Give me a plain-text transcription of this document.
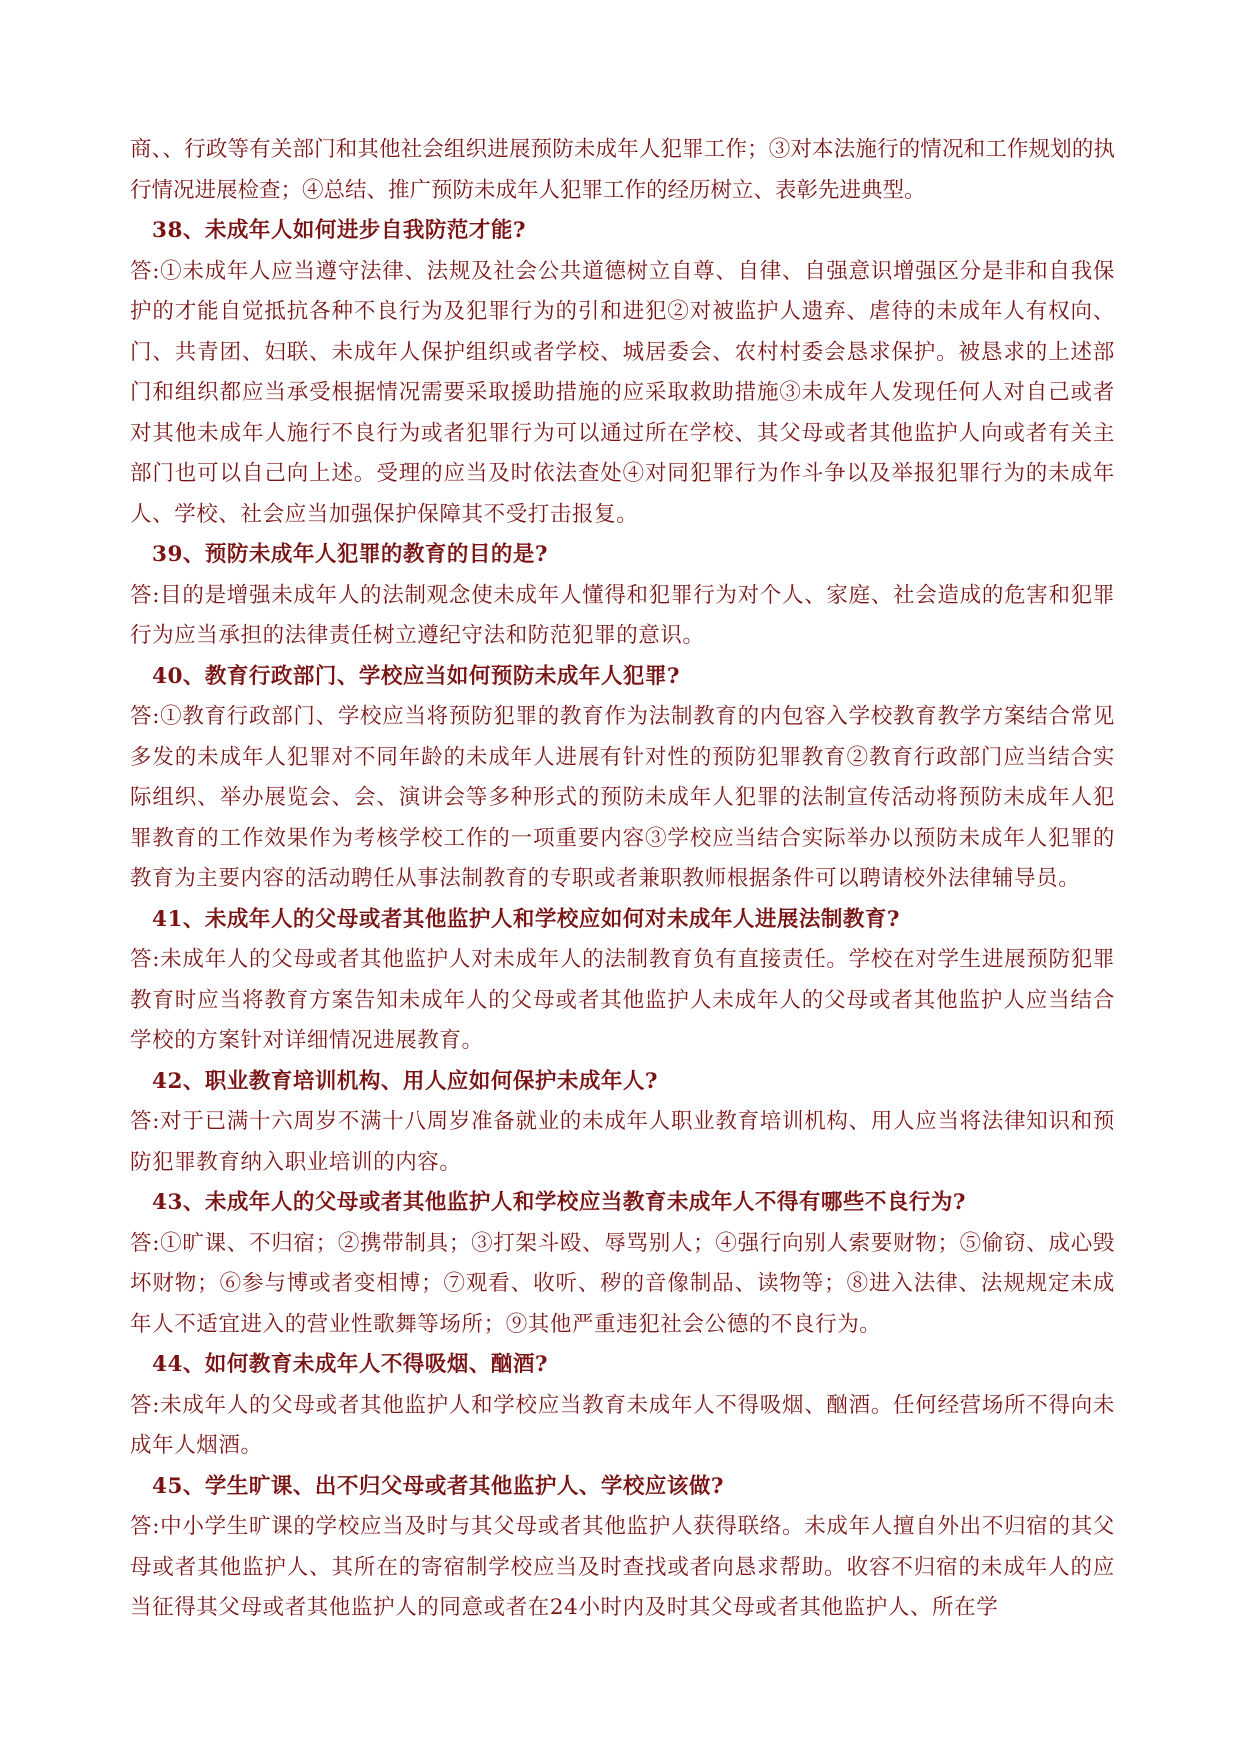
商、、行政等有关部门和其他社会组织进展预防未成年人犯罪工作；③对本法施行的情况和工作规划的执行情况进展检查；④总结、推广预防未成年人犯罪工作的经历树立、表彰先进典型。

38、未成年人如何进步自我防范才能?

答:①未成年人应当遵守法律、法规及社会公共道德树立自尊、自律、自强意识增强区分是非和自我保护的才能自觉抵抗各种不良行为及犯罪行为的引和进犯②对被监护人遗弃、虐待的未成年人有权向、门、共青团、妇联、未成年人保护组织或者学校、城居委会、农村村委会恳求保护。被恳求的上述部门和组织都应当承受根据情况需要采取援助措施的应采取救助措施③未成年人发现任何人对自己或者对其他未成年人施行不良行为或者犯罪行为可以通过所在学校、其父母或者其他监护人向或者有关主部门也可以自己向上述。受理的应当及时依法查处④对同犯罪行为作斗争以及举报犯罪行为的未成年人、学校、社会应当加强保护保障其不受打击报复。

39、预防未成年人犯罪的教育的目的是?

答:目的是增强未成年人的法制观念使未成年人懂得和犯罪行为对个人、家庭、社会造成的危害和犯罪行为应当承担的法律责任树立遵纪守法和防范犯罪的意识。

40、教育行政部门、学校应当如何预防未成年人犯罪?

答:①教育行政部门、学校应当将预防犯罪的教育作为法制教育的内包容入学校教育教学方案结合常见多发的未成年人犯罪对不同年龄的未成年人进展有针对性的预防犯罪教育②教育行政部门应当结合实际组织、举办展览会、会、演讲会等多种形式的预防未成年人犯罪的法制宣传活动将预防未成年人犯罪教育的工作效果作为考核学校工作的一项重要内容③学校应当结合实际举办以预防未成年人犯罪的教育为主要内容的活动聘任从事法制教育的专职或者兼职教师根据条件可以聘请校外法律辅导员。

41、未成年人的父母或者其他监护人和学校应如何对未成年人进展法制教育?

答:未成年人的父母或者其他监护人对未成年人的法制教育负有直接责任。学校在对学生进展预防犯罪教育时应当将教育方案告知未成年人的父母或者其他监护人未成年人的父母或者其他监护人应当结合学校的方案针对详细情况进展教育。

42、职业教育培训机构、用人应如何保护未成年人?

答:对于已满十六周岁不满十八周岁准备就业的未成年人职业教育培训机构、用人应当将法律知识和预防犯罪教育纳入职业培训的内容。

43、未成年人的父母或者其他监护人和学校应当教育未成年人不得有哪些不良行为?

答:①旷课、不归宿；②携带制具；③打架斗殴、辱骂别人；④强行向别人索要财物；⑤偷窃、成心毁坏财物；⑥参与博或者变相博；⑦观看、收听、秽的音像制品、读物等；⑧进入法律、法规规定未成年人不适宜进入的营业性歌舞等场所；⑨其他严重违犯社会公德的不良行为。

44、如何教育未成年人不得吸烟、酗酒?

答:未成年人的父母或者其他监护人和学校应当教育未成年人不得吸烟、酗酒。任何经营场所不得向未成年人烟酒。

45、学生旷课、出不归父母或者其他监护人、学校应该做?

答:中小学生旷课的学校应当及时与其父母或者其他监护人获得联络。未成年人擅自外出不归宿的其父母或者其他监护人、其所在的寄宿制学校应当及时查找或者向恳求帮助。收容不归宿的未成年人的应当征得其父母或者其他监护人的同意或者在24小时内及时其父母或者其他监护人、所在学
